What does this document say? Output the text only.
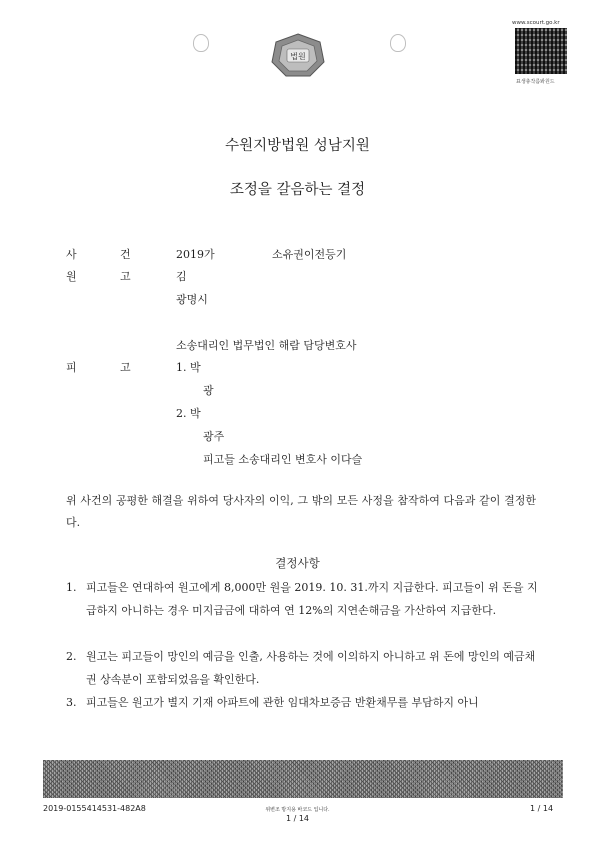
법원
www.scourt.go.kr
표생총작름봐원드
수원지방법원 성남지원
조정을 갈음하는 결정
사	건	2019가	소유권이전등기
원	고	김
광명시
소송대리인 법무법인 해람 담당변호사
피	고	1. 박
광
2. 박
광주
피고들 소송대리인 변호사 이다슬
위 사건의 공평한 해결을 위하여 당사자의 이익, 그 밖의 모든 사정을 참작하여 다음과 같이 결정한다.
결정사항
1. 피고들은 연대하여 원고에게 8,000만 원을 2019. 10. 31.까지 지급한다. 피고들이 위 돈을 지급하지 아니하는 경우 미지급금에 대하여 연 12%의 지연손해금을 가산하여 지급한다.
2. 원고는 피고들이 망인의 예금을 인출, 사용하는 것에 이의하지 아니하고 위 돈에 망인의 예금채권 상속분이 포함되었음을 확인한다.
3. 피고들은 원고가 별지 기재 아파트에 관한 임대차보증금 반환채무를 부담하지 아니
2019-0155414531-482A8	위변조 방지용 바코드 입니다.
1 / 14
1 / 14
